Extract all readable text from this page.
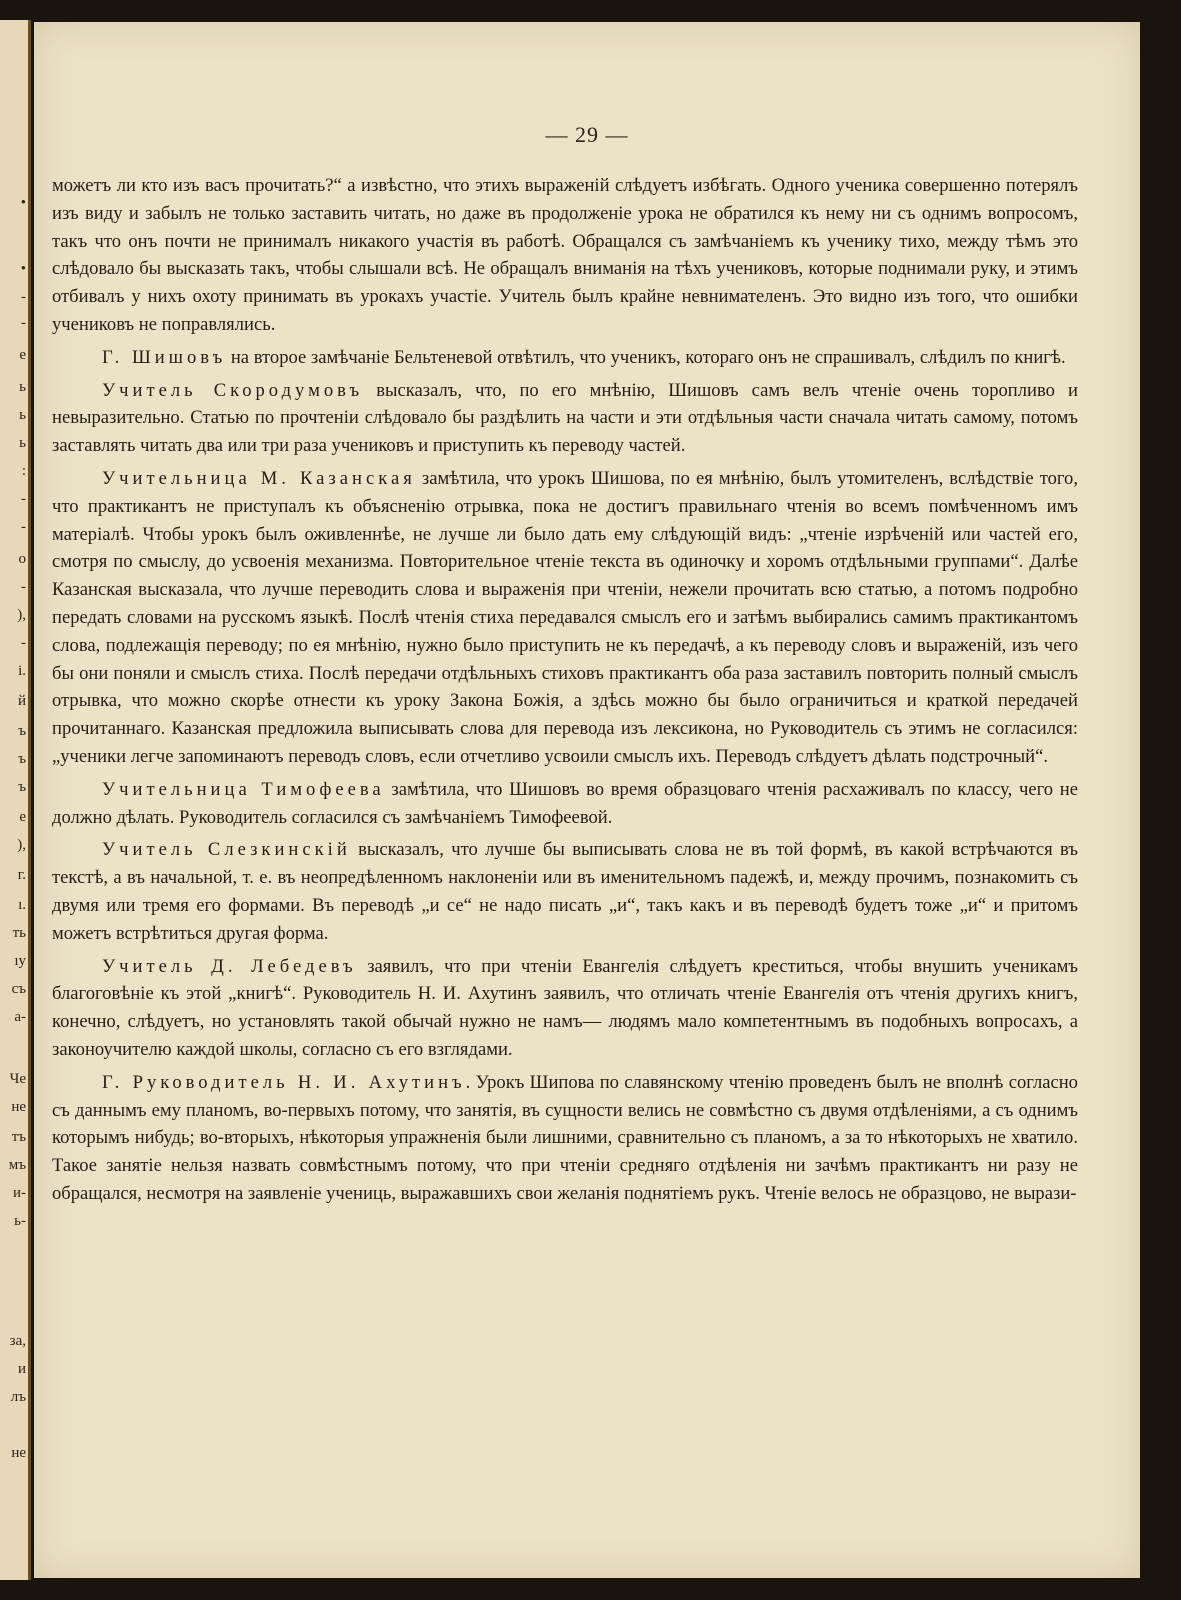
•
•
-
-
e
ь
ь
ь
:
-
-
o
-
),
-
i.
й
ъ
ъ
ъ
e
),
г.
ı.
ть
ıу
съ
a-
Че
не
тъ
мъ
и-
ь-
за,
и
лъ
не
— 29 —

можетъ ли кто изъ васъ прочитать?“ а извѣстно, что этихъ выраженій слѣдуетъ избѣгать. Одного ученика совершенно потерялъ изъ виду и забылъ не только заставить читать, но даже въ продолженіе урока не обратился къ нему ни съ однимъ вопросомъ, такъ что онъ почти не принималъ никакого участія въ работѣ. Обращался съ замѣчаніемъ къ ученику тихо, между тѣмъ это слѣдовало бы высказать такъ, чтобы слышали всѣ. Не обращалъ вниманія на тѣхъ учениковъ, которые поднимали руку, и этимъ отбивалъ у нихъ охоту принимать въ урокахъ участіе. Учитель былъ крайне невнимателенъ. Это видно изъ того, что ошибки учениковъ не поправлялись.

Г. Шишовъ на второе замѣчаніе Бельтеневой отвѣтилъ, что ученикъ, котораго онъ не спрашивалъ, слѣдилъ по книгѣ.

Учитель Скородумовъ высказалъ, что, по его мнѣнію, Шишовъ самъ велъ чтеніе очень торопливо и невыразительно. Статью по прочтеніи слѣдовало бы раздѣлить на части и эти отдѣльныя части сначала читать самому, потомъ заставлять читать два или три раза учениковъ и приступить къ переводу частей.

Учительница М. Казанская замѣтила, что урокъ Шишова, по ея мнѣнію, былъ утомителенъ, вслѣдствіе того, что практикантъ не приступалъ къ объясненію отрывка, пока не достигъ правильнаго чтенія во всемъ помѣченномъ имъ матеріалѣ. Чтобы урокъ былъ оживленнѣе, не лучше ли было дать ему слѣдующій видъ: „чтеніе изрѣченій или частей его, смотря по смыслу, до усвоенія механизма. Повторительное чтеніе текста въ одиночку и хоромъ отдѣльными группами“. Далѣе Казанская высказала, что лучше переводить слова и выраженія при чтеніи, нежели прочитать всю статью, а потомъ подробно передать словами на русскомъ языкѣ. Послѣ чтенія стиха передавался смыслъ его и затѣмъ выбирались самимъ практикантомъ слова, подлежащія переводу; по ея мнѣнію, нужно было приступить не къ передачѣ, а къ переводу словъ и выраженій, изъ чего бы они поняли и смыслъ стиха. Послѣ передачи отдѣльныхъ стиховъ практикантъ оба раза заставилъ повторить полный смыслъ отрывка, что можно скорѣе отнести къ уроку Закона Божія, а здѣсь можно бы было ограничиться и краткой передачей прочитаннаго. Казанская предложила выписывать слова для перевода изъ лексикона, но Руководитель съ этимъ не согласился: „ученики легче запоминаютъ переводъ словъ, если отчетливо усвоили смыслъ ихъ. Переводъ слѣдуетъ дѣлать подстрочный“.

Учительница Тимофеева замѣтила, что Шишовъ во время образцоваго чтенія расхаживалъ по классу, чего не должно дѣлать. Руководитель согласился съ замѣчаніемъ Тимофеевой.

Учитель Слезкинскій высказалъ, что лучше бы выписывать слова не въ той формѣ, въ какой встрѣчаются въ текстѣ, а въ начальной, т. е. въ неопредѣленномъ наклоненіи или въ именительномъ падежѣ, и, между прочимъ, познакомить съ двумя или тремя его формами. Въ переводѣ „и се“ не надо писать „и“, такъ какъ и въ переводѣ будетъ тоже „и“ и притомъ можетъ встрѣтиться другая форма.

Учитель Д. Лебедевъ заявилъ, что при чтеніи Евангелія слѣдуетъ креститься, чтобы внушить ученикамъ благоговѣніе къ этой „книгѣ“. Руководитель Н. И. Ахутинъ заявилъ, что отличать чтеніе Евангелія отъ чтенія другихъ книгъ, конечно, слѣдуетъ, но установлять такой обычай нужно не намъ— людямъ мало компетентнымъ въ подобныхъ вопросахъ, а законоучителю каждой школы, согласно съ его взглядами.

Г. Руководитель Н. И. Ахутинъ. Урокъ Шипова по славянскому чтенію проведенъ былъ не вполнѣ согласно съ даннымъ ему планомъ, во-первыхъ потому, что занятія, въ сущности велись не совмѣстно съ двумя отдѣленіями, а съ однимъ которымъ нибудь; во-вторыхъ, нѣкоторыя упражненія были лишними, сравнительно съ планомъ, а за то нѣкоторыхъ не хватило. Такое занятіе нельзя назвать совмѣстнымъ потому, что при чтеніи средняго отдѣленія ни зачѣмъ практикантъ ни разу не обращался, несмотря на заявленіе учениць, выражавшихъ свои желанія поднятіемъ рукъ. Чтеніе велось не образцово, не вырази-
